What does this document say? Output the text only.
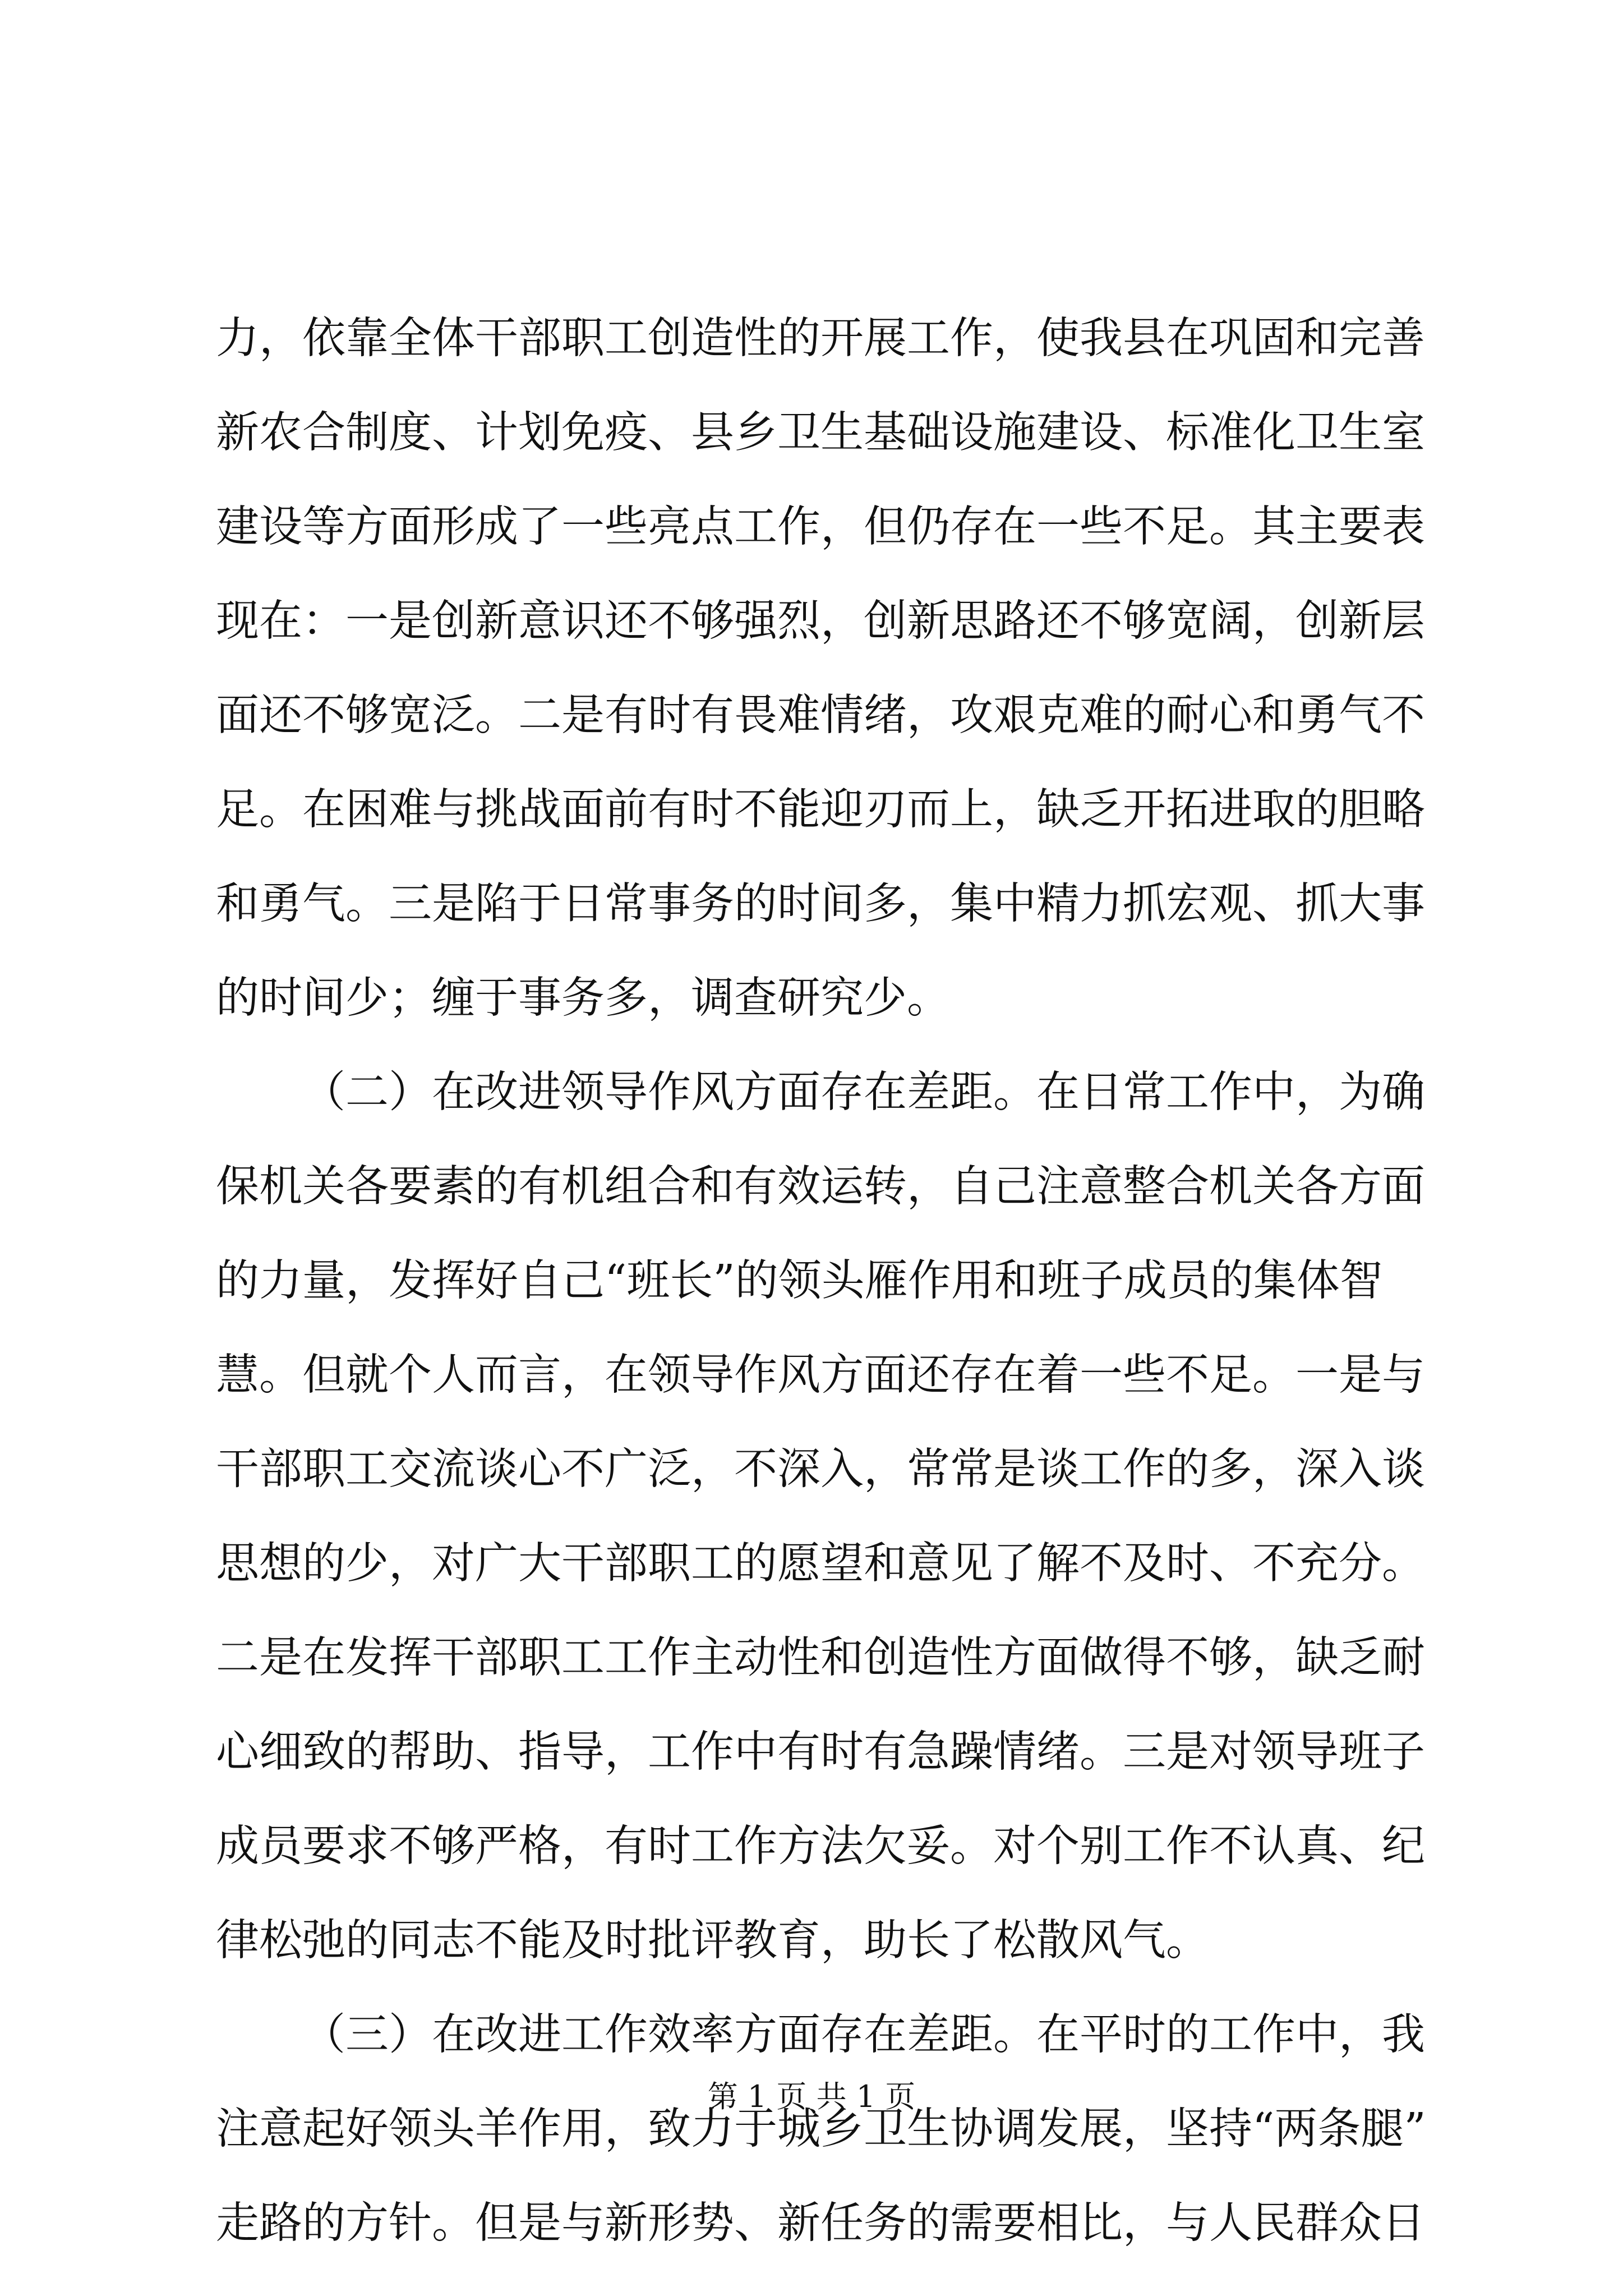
力，依靠全体干部职工创造性的开展工作，使我县在巩固和完善
新农合制度、计划免疫、县乡卫生基础设施建设、标准化卫生室
建设等方面形成了一些亮点工作，但仍存在一些不足。其主要表
现在：一是创新意识还不够强烈，创新思路还不够宽阔，创新层
面还不够宽泛。二是有时有畏难情绪，攻艰克难的耐心和勇气不
足。在困难与挑战面前有时不能迎刃而上，缺乏开拓进取的胆略
和勇气。三是陷于日常事务的时间多，集中精力抓宏观、抓大事
的时间少；缠于事务多，调查研究少。
（二）在改进领导作风方面存在差距。在日常工作中，为确
保机关各要素的有机组合和有效运转，自己注意整合机关各方面
的力量，发挥好自己“班长”的领头雁作用和班子成员的集体智
慧。但就个人而言，在领导作风方面还存在着一些不足。一是与
干部职工交流谈心不广泛，不深入，常常是谈工作的多，深入谈
思想的少，对广大干部职工的愿望和意见了解不及时、不充分。
二是在发挥干部职工工作主动性和创造性方面做得不够，缺乏耐
心细致的帮助、指导，工作中有时有急躁情绪。三是对领导班子
成员要求不够严格，有时工作方法欠妥。对个别工作不认真、纪
律松弛的同志不能及时批评教育，助长了松散风气。
（三）在改进工作效率方面存在差距。在平时的工作中，我
注意起好领头羊作用，致力于城乡卫生协调发展，坚持“两条腿”
走路的方针。但是与新形势、新任务的需要相比，与人民群众日
第 1 页 共 1 页
